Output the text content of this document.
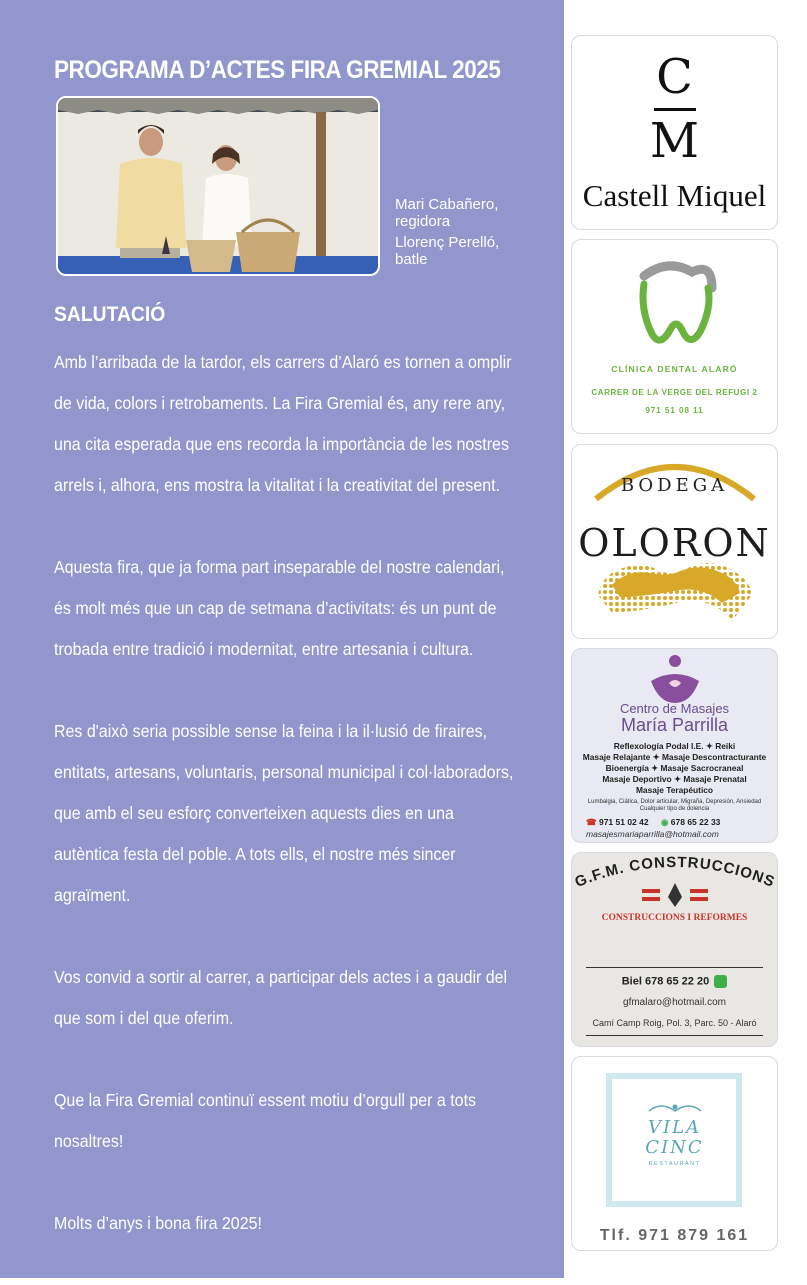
PROGRAMA D’ACTES FIRA GREMIAL 2025
Mari Cabañero,
regidora
Llorenç Perelló,
batle
SALUTACIÓ

Amb l’arribada de la tardor, els carrers d’Alaró es tornen a omplir de vida, colors i retrobaments. La Fira Gremial és, any rere any, una cita esperada que ens recorda la importància de les nostres arrels i, alhora, ens mostra la vitalitat i la creativitat del present.

Aquesta fira, que ja forma part inseparable del nostre calendari, és molt més que un cap de setmana d’activitats: és un punt de trobada entre tradició i modernitat, entre artesania i cultura.

Res d'això seria possible sense la feina i la il·lusió de firaires, entitats, artesans, voluntaris, personal municipal i col·laboradors, que amb el seu esforç converteixen aquests dies en una autèntica festa del poble. A tots ells, el nostre més sincer agraïment.

Vos convid a sortir al carrer, a participar dels actes i a gaudir del que som i del que oferim.

Que la Fira Gremial continuï essent motiu d’orgull per a tots nosaltres!

Molts d’anys i bona fira 2025!

C
M
Castell Miquel
CLÍNICA DENTAL ALARÓ
CARRER DE LA VERGE DEL REFUGI 2
971 51 08 11
BODEGA
OLORON
Centro de Masajes
María Parrilla
Reflexología Podal I.E. ✦ Reiki
Masaje Relajante ✦ Masaje Descontracturante
Bioenergía ✦ Masaje Sacrocraneal
Masaje Deportivo ✦ Masaje Prenatal
Masaje Terapéutico
Lumbalgia, Ciática, Dolor articular, Migraña, Depresión, Ansiedad
Cualquier tipo de dolencia
☎ 971 51 02 42 ◉ 678 65 22 33
masajesmariaparrilla@hotmail.com
G.F.M. CONSTRUCCIONS
CONSTRUCCIONS I REFORMES
Biel 678 65 22 20
gfmalaro@hotmail.com
Camí Camp Roig, Pol. 3, Parc. 50 - Alaró
VILA
CINC
RESTAURANT
Tlf. 971 879 161
